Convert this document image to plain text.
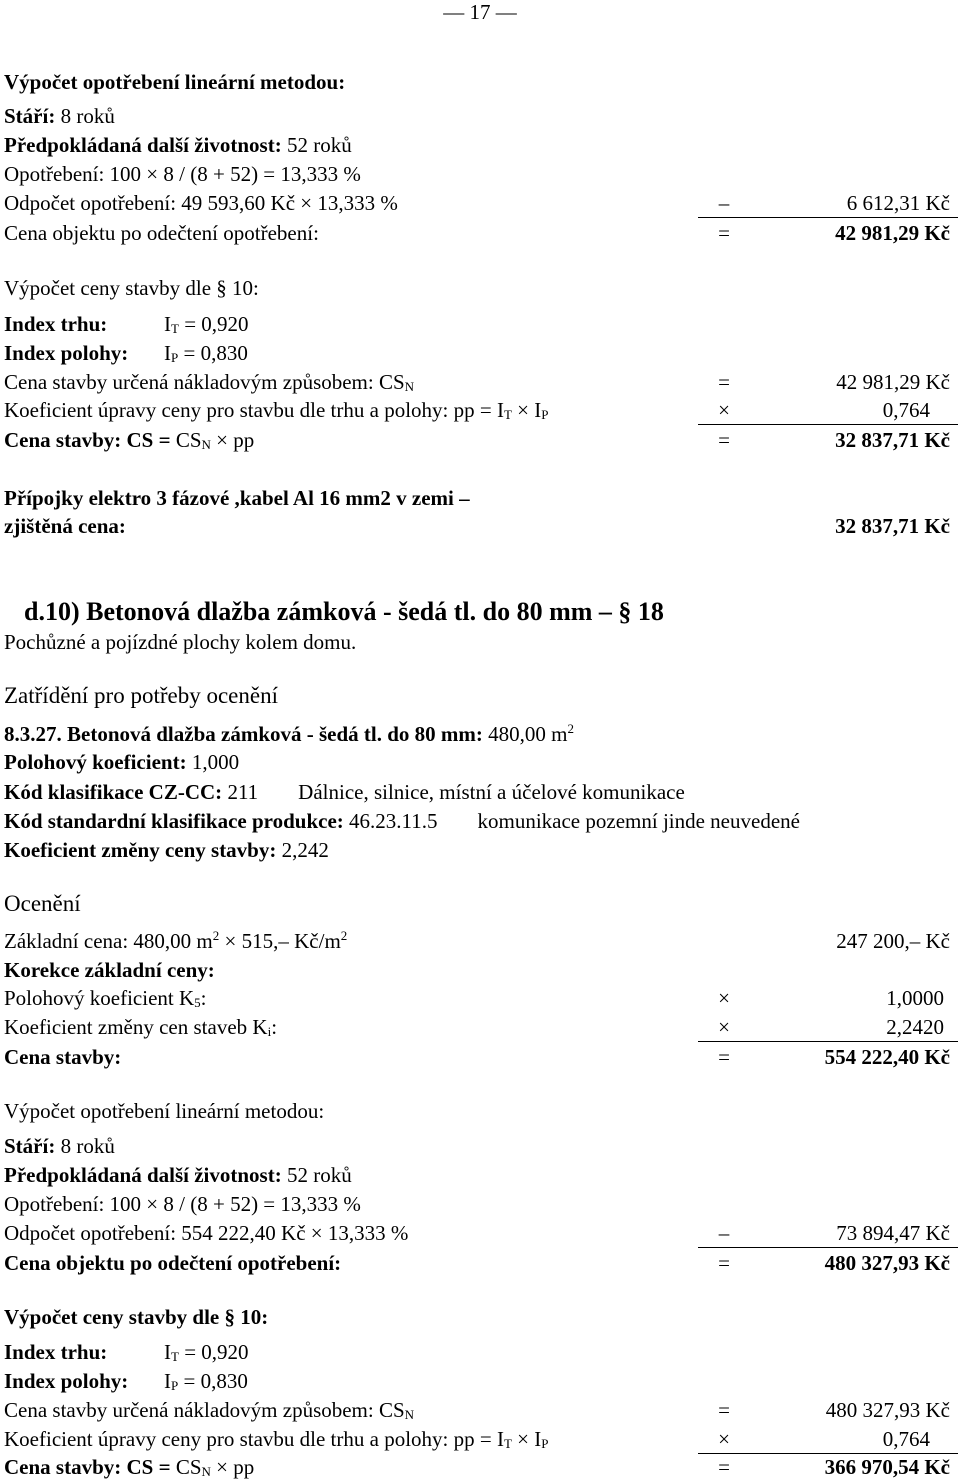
— 17 —
Výpočet opotřebení lineární metodou:
Stáří: 8 roků
Předpokládaná další životnost: 52 roků
Opotřebení: 100 × 8 / (8 + 52) = 13,333 %
Odpočet opotřebení: 49 593,60 Kč × 13,333 %	–	6 612,31 Kč
Cena objektu po odečtení opotřebení:	=	42 981,29 Kč
Výpočet ceny stavby dle § 10:
Index trhu:	$I_T = 0,920$
Index polohy: $I_P = 0,830$
Cena stavby určená nákladovým způsobem: $CS_N$	=	42 981,29 Kč
Koeficient úpravy ceny pro stavbu dle trhu a polohy: pp = $I_T \times I_P$	×	0,764
Cena stavby: CS = $CS_N$ × pp	=	32 837,71 Kč
Přípojky elektro 3 fázové ,kabel Al 16 mm2 v zemi –
zjištěná cena:	32 837,71 Kč
d.10) Betonová dlažba zámková - šedá tl. do 80 mm – § 18
Pochůzné a pojízdné plochy kolem domu.
Zatřídění pro potřeby ocenění
8.3.27. Betonová dlažba zámková - šedá tl. do 80 mm: 480,00 $m^2$
Polohový koeficient: 1,000
Kód klasifikace CZ-CC: 211 Dálnice, silnice, místní a účelové komunikace
Kód standardní klasifikace produkce: 46.23.11.5 komunikace pozemní jinde neuvedené
Koeficient změny ceny stavby: 2,242
Ocenění
Základní cena: 480,00 $m^2 \times 515,-$ $Kč/m^2$	247 200,– Kč
Korekce základní ceny:
Polohový koeficient $K_5$:	×	1,0000
Koeficient změny cen staveb $K_i$:	×	2,2420
Cena stavby:	=	554 222,40 Kč
Výpočet opotřebení lineární metodou:
Stáří: 8 roků
Předpokládaná další životnost: 52 roků
Opotřebení: 100 × 8 / (8 + 52) = 13,333 %
Odpočet opotřebení: 554 222,40 Kč × 13,333 %	–	73 894,47 Kč
Cena objektu po odečtení opotřebení:	=	480 327,93 Kč
Výpočet ceny stavby dle § 10:
Index trhu:	$I_T = 0,920$
Index polohy: $I_P = 0,830$
Cena stavby určená nákladovým způsobem: $CS_N$	=	480 327,93 Kč
Koeficient úpravy ceny pro stavbu dle trhu a polohy: pp = $I_T \times I_P$	×	0,764
Cena stavby: CS = $CS_N$ × pp	=	366 970,54 Kč
